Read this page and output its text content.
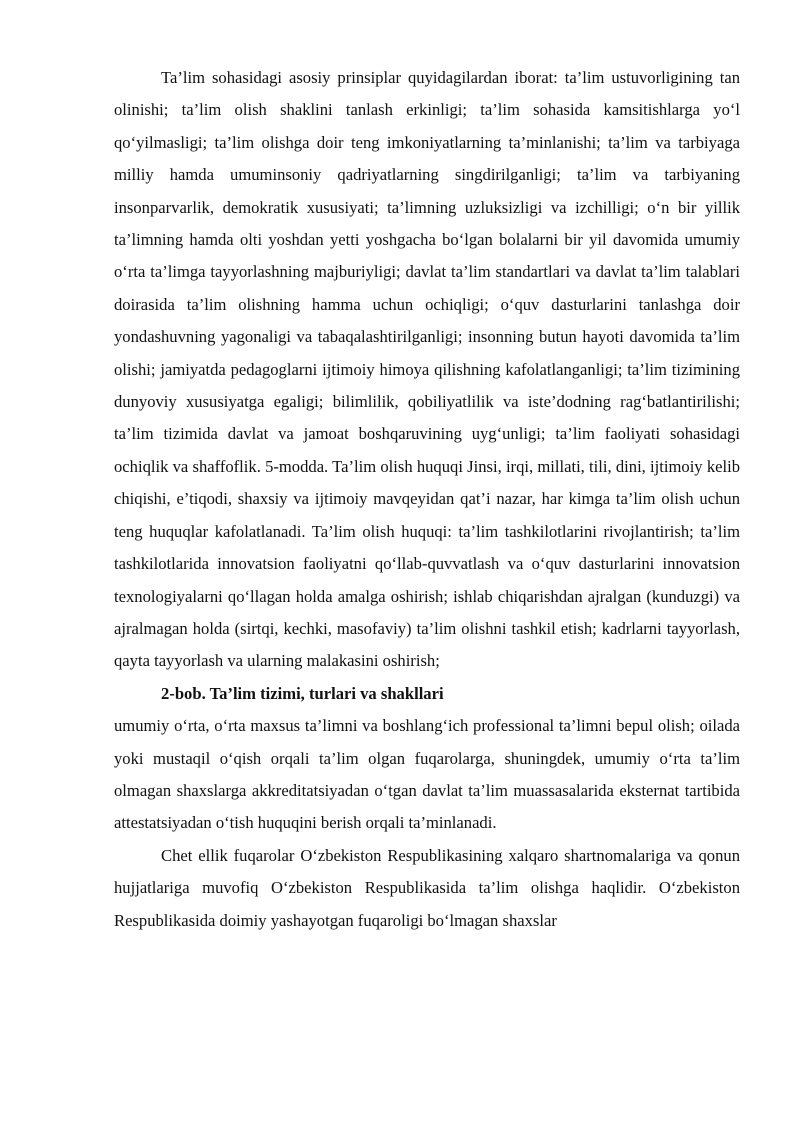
Ta’lim sohasidagi asosiy prinsiplar quyidagilardan iborat: ta’lim ustuvorligining tan olinishi; ta’lim olish shaklini tanlash erkinligi; ta’lim sohasida kamsitishlarga yo‘l qo‘yilmasligi; ta’lim olishga doir teng imkoniyatlarning ta’minlanishi; ta’lim va tarbiyaga milliy hamda umuminsoniy qadriyatlarning singdirilganligi; ta’lim va tarbiyaning insonparvarlik, demokratik xususiyati; ta’limning uzluksizligi va izchilligi; o‘n bir yillik ta’limning hamda olti yoshdan yetti yoshgacha bo‘lgan bolalarni bir yil davomida umumiy o‘rta ta’limga tayyorlashning majburiyligi; davlat ta’lim standartlari va davlat ta’lim talablari doirasida ta’lim olishning hamma uchun ochiqligi; o‘quv dasturlarini tanlashga doir yondashuvning yagonaligi va tabaqalashtirilganligi; insonning butun hayoti davomida ta’lim olishi; jamiyatda pedagoglarni ijtimoiy himoya qilishning kafolatlanganligi; ta’lim tizimining dunyoviy xususiyatga egaligi; bilimlilik, qobiliyatlilik va iste’dodning rag‘batlantirilishi; ta’lim tizimida davlat va jamoat boshqaruvining uyg‘unligi; ta’lim faoliyati sohasidagi ochiqlik va shaffoflik. 5-modda. Ta’lim olish huquqi Jinsi, irqi, millati, tili, dini, ijtimoiy kelib chiqishi, e’tiqodi, shaxsiy va ijtimoiy mavqeyidan qat’i nazar, har kimga ta’lim olish uchun teng huquqlar kafolatlanadi. Ta’lim olish huquqi: ta’lim tashkilotlarini rivojlantirish; ta’lim tashkilotlarida innovatsion faoliyatni qo‘llab-quvvatlash va o‘quv dasturlarini innovatsion texnologiyalarni qo‘llagan holda amalga oshirish; ishlab chiqarishdan ajralgan (kunduzgi) va ajralmagan holda (sirtqi, kechki, masofaviy) ta’lim olishni tashkil etish; kadrlarni tayyorlash, qayta tayyorlash va ularning malakasini oshirish;

2-bob. Ta’lim tizimi, turlari va shakllari

umumiy o‘rta, o‘rta maxsus ta’limni va boshlang‘ich professional ta’limni bepul olish; oilada yoki mustaqil o‘qish orqali ta’lim olgan fuqarolarga, shuningdek, umumiy o‘rta ta’lim olmagan shaxslarga akkreditatsiyadan o‘tgan davlat ta’lim muassasalarida eksternat tartibida attestatsiyadan o‘tish huquqini berish orqali ta’minlanadi.

Chet ellik fuqarolar O‘zbekiston Respublikasining xalqaro shartnomalariga va qonun hujjatlariga muvofiq O‘zbekiston Respublikasida ta’lim olishga haqlidir. O‘zbekiston Respublikasida doimiy yashayotgan fuqaroligi bo‘lmagan shaxslar
